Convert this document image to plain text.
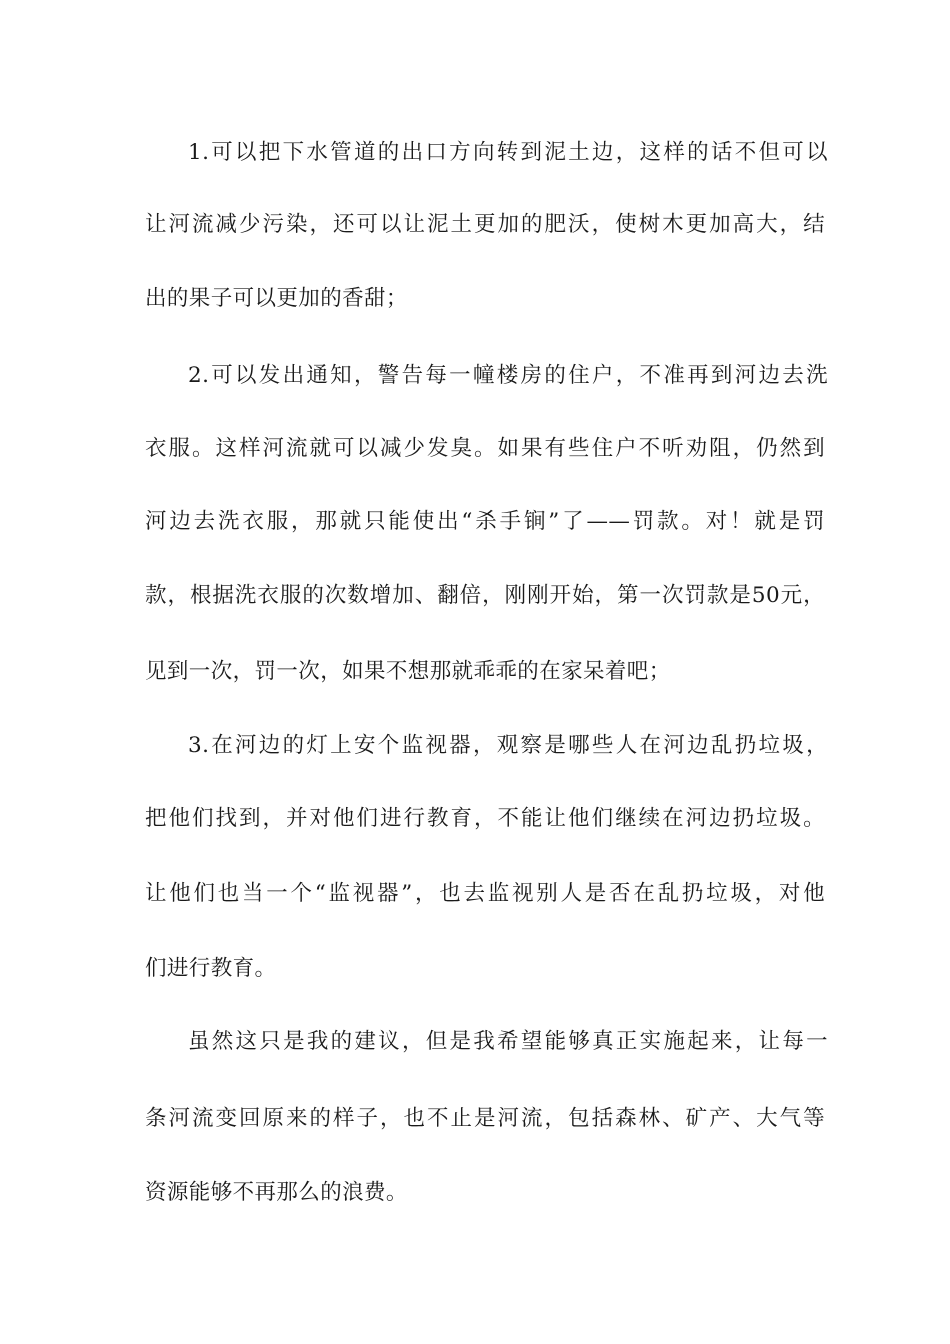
1.可以把下水管道的出口方向转到泥土边，这样的话不但可以
让河流减少污染，还可以让泥土更加的肥沃，使树木更加高大，结
出的果子可以更加的香甜；
2.可以发出通知，警告每一幢楼房的住户，不准再到河边去洗
衣服。这样河流就可以减少发臭。如果有些住户不听劝阻，仍然到
河边去洗衣服，那就只能使出“杀手锏”了——罚款。对！就是罚
款，根据洗衣服的次数增加、翻倍，刚刚开始，第一次罚款是50元，
见到一次，罚一次，如果不想那就乖乖的在家呆着吧；
3.在河边的灯上安个监视器，观察是哪些人在河边乱扔垃圾，
把他们找到，并对他们进行教育，不能让他们继续在河边扔垃圾。
让他们也当一个“监视器”，也去监视别人是否在乱扔垃圾，对他
们进行教育。
虽然这只是我的建议，但是我希望能够真正实施起来，让每一
条河流变回原来的样子，也不止是河流，包括森林、矿产、大气等
资源能够不再那么的浪费。
